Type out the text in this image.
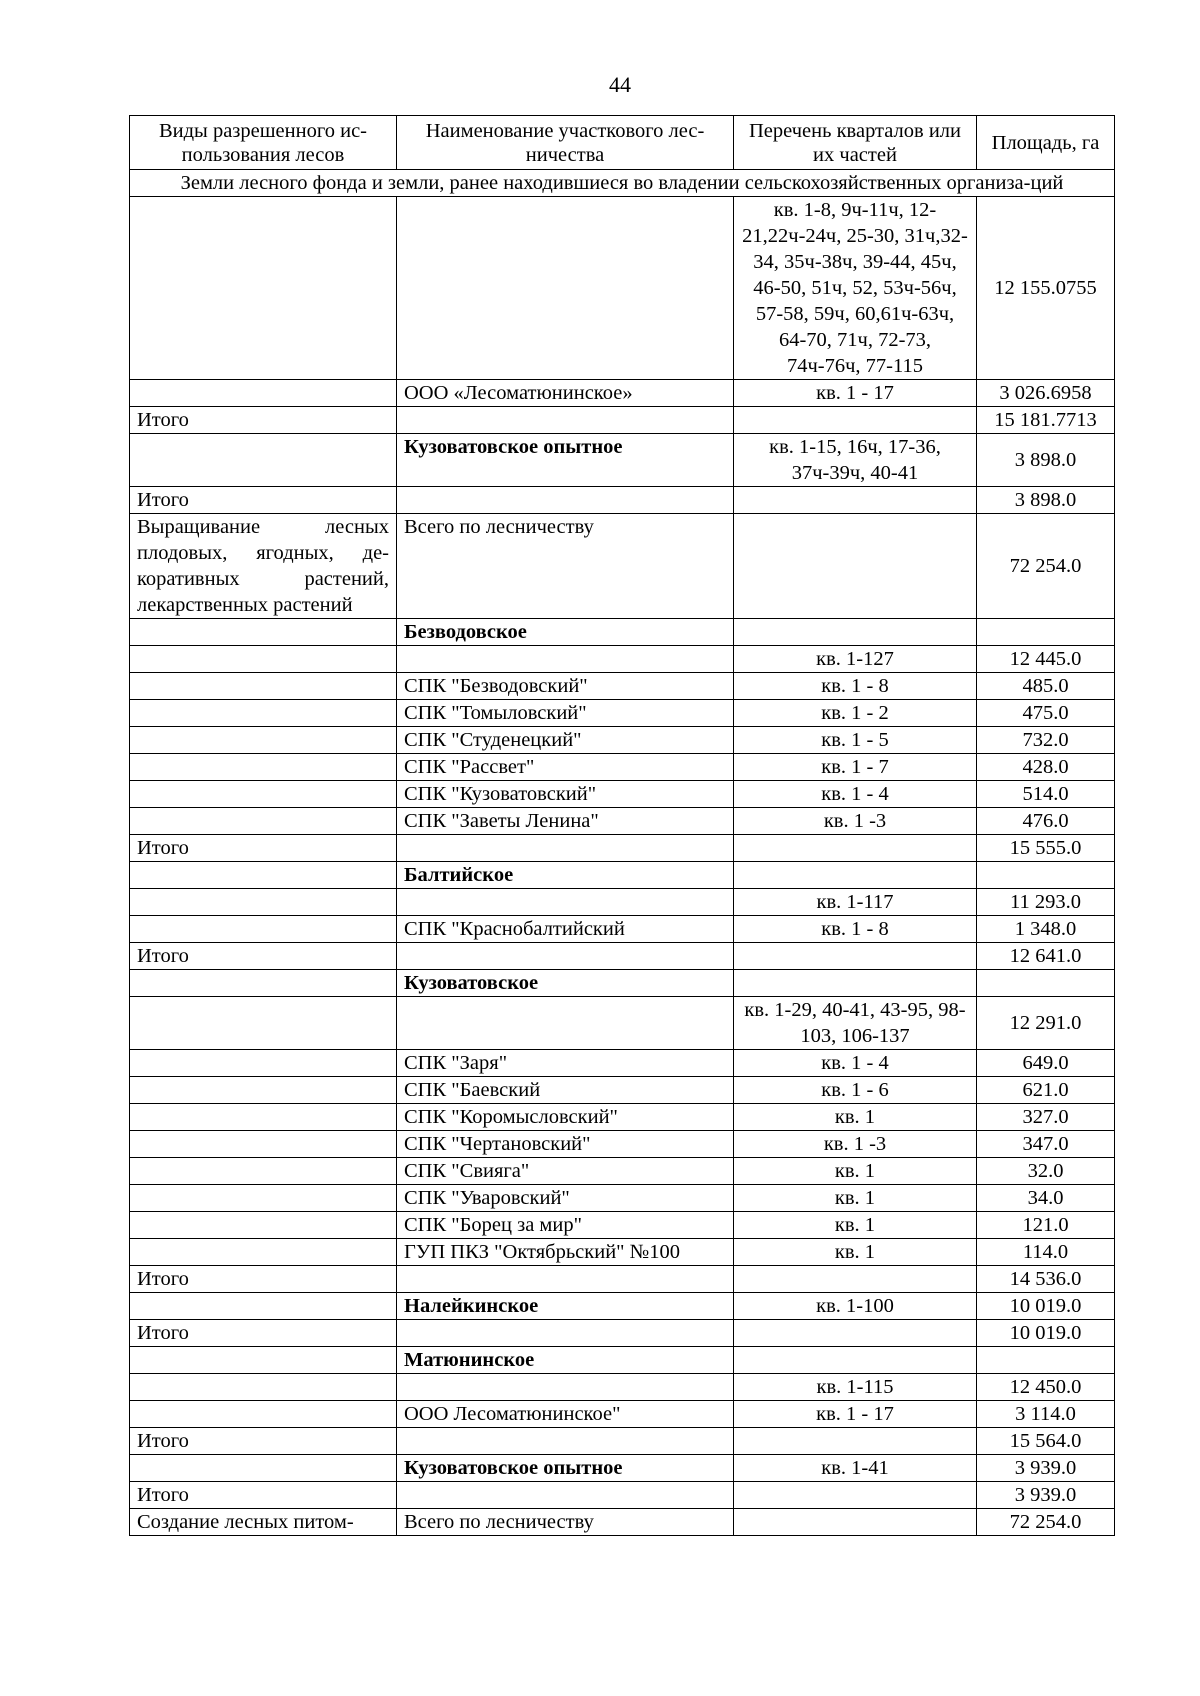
44
Виды разрешенного ис-пользования лесов	Наименование участкового лес-ничества	Перечень кварталов или их частей	Площадь, га
Земли лесного фонда и земли, ранее находившиеся во владении сельскохозяйственных организа-ций			
		кв. 1-8, 9ч-11ч, 12-21,22ч-24ч, 25-30, 31ч,32-34, 35ч-38ч, 39-44, 45ч, 46-50, 51ч, 52, 53ч-56ч, 57-58, 59ч, 60,61ч-63ч, 64-70, 71ч, 72-73, 74ч-76ч, 77-115	12 155.0755
	ООО «Лесоматюнинское»	кв. 1 - 17	3 026.6958
Итого			15 181.7713
	Кузоватовское опытное	кв. 1-15, 16ч, 17-36, 37ч-39ч, 40-41	3 898.0
Итого			3 898.0
Выращивание лесных плодовых, ягодных, де-коративных растений, лекарственных растений	Всего по лесничеству		72 254.0
	Безводовское		
		кв. 1-127	12 445.0
	СПК "Безводовский"	кв. 1 - 8	485.0
	СПК "Томыловский"	кв. 1 - 2	475.0
	СПК "Студенецкий"	кв. 1 - 5	732.0
	СПК "Рассвет"	кв. 1 - 7	428.0
	СПК "Кузоватовский"	кв. 1 - 4	514.0
	СПК "Заветы Ленина"	кв. 1 -3	476.0
Итого			15 555.0
	Балтийское		
		кв. 1-117	11 293.0
	СПК "Краснобалтийский	кв. 1 - 8	1 348.0
Итого			12 641.0
	Кузоватовское		
		кв. 1-29, 40-41, 43-95, 98-103, 106-137	12 291.0
	СПК "Заря"	кв. 1 - 4	649.0
	СПК "Баевский	кв. 1 - 6	621.0
	СПК "Коромысловский"	кв. 1	327.0
	СПК "Чертановский"	кв. 1 -3	347.0
	СПК "Свияга"	кв. 1	32.0
	СПК "Уваровский"	кв. 1	34.0
	СПК "Борец за мир"	кв. 1	121.0
	ГУП ПКЗ "Октябрьский" №100	кв. 1	114.0
Итого			14 536.0
	Налейкинское	кв. 1-100	10 019.0
Итого			10 019.0
	Матюнинское		
		кв. 1-115	12 450.0
	ООО Лесоматюнинское"	кв. 1 - 17	3 114.0
Итого			15 564.0
	Кузоватовское опытное	кв. 1-41	3 939.0
Итого			3 939.0
Создание лесных питом-	Всего по лесничеству		72 254.0
